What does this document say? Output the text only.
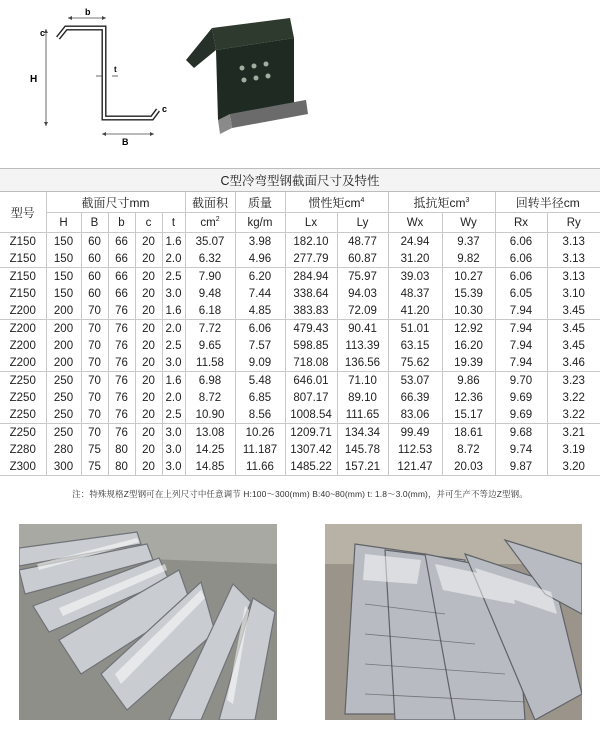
b
c
H
t
B
c
C型冷弯型钢截面尺寸及特性													
型号	截面尺寸mm					截面积	质量	惯性矩$cm^4$		抵抗矩$cm^3$		回转半径cm	
	H	B	b	c	t	$cm^2$	kg/m	Lx	Ly	Wx	Wy	Rx	Ry
Z150	150	60	66	20	1.6	35.07	3.98	182.10	48.77	24.94	9.37	6.06	3.13
Z150	150	60	66	20	2.0	6.32	4.96	277.79	60.87	31.20	9.82	6.06	3.13
Z150	150	60	66	20	2.5	7.90	6.20	284.94	75.97	39.03	10.27	6.06	3.13
Z150	150	60	66	20	3.0	9.48	7.44	338.64	94.03	48.37	15.39	6.05	3.10
Z200	200	70	76	20	1.6	6.18	4.85	383.83	72.09	41.20	10.30	7.94	3.45
Z200	200	70	76	20	2.0	7.72	6.06	479.43	90.41	51.01	12.92	7.94	3.45
Z200	200	70	76	20	2.5	9.65	7.57	598.85	113.39	63.15	16.20	7.94	3.45
Z200	200	70	76	20	3.0	11.58	9.09	718.08	136.56	75.62	19.39	7.94	3.46
Z250	250	70	76	20	1.6	6.98	5.48	646.01	71.10	53.07	9.86	9.70	3.23
Z250	250	70	76	20	2.0	8.72	6.85	807.17	89.10	66.39	12.36	9.69	3.22
Z250	250	70	76	20	2.5	10.90	8.56	1008.54	111.65	83.06	15.17	9.69	3.22
Z250	250	70	76	20	3.0	13.08	10.26	1209.71	134.34	99.49	18.61	9.68	3.21
Z280	280	75	80	20	3.0	14.25	11.187	1307.42	145.78	112.53	8.72	9.74	3.19
Z300	300	75	80	20	3.0	14.85	11.66	1485.22	157.21	121.47	20.03	9.87	3.20
注：特殊规格Z型钢可在上列尺寸中任意调节 H:100～300(mm) B:40~80(mm) t: 1.8～3.0(mm)，并可生产不等边Z型钢。
